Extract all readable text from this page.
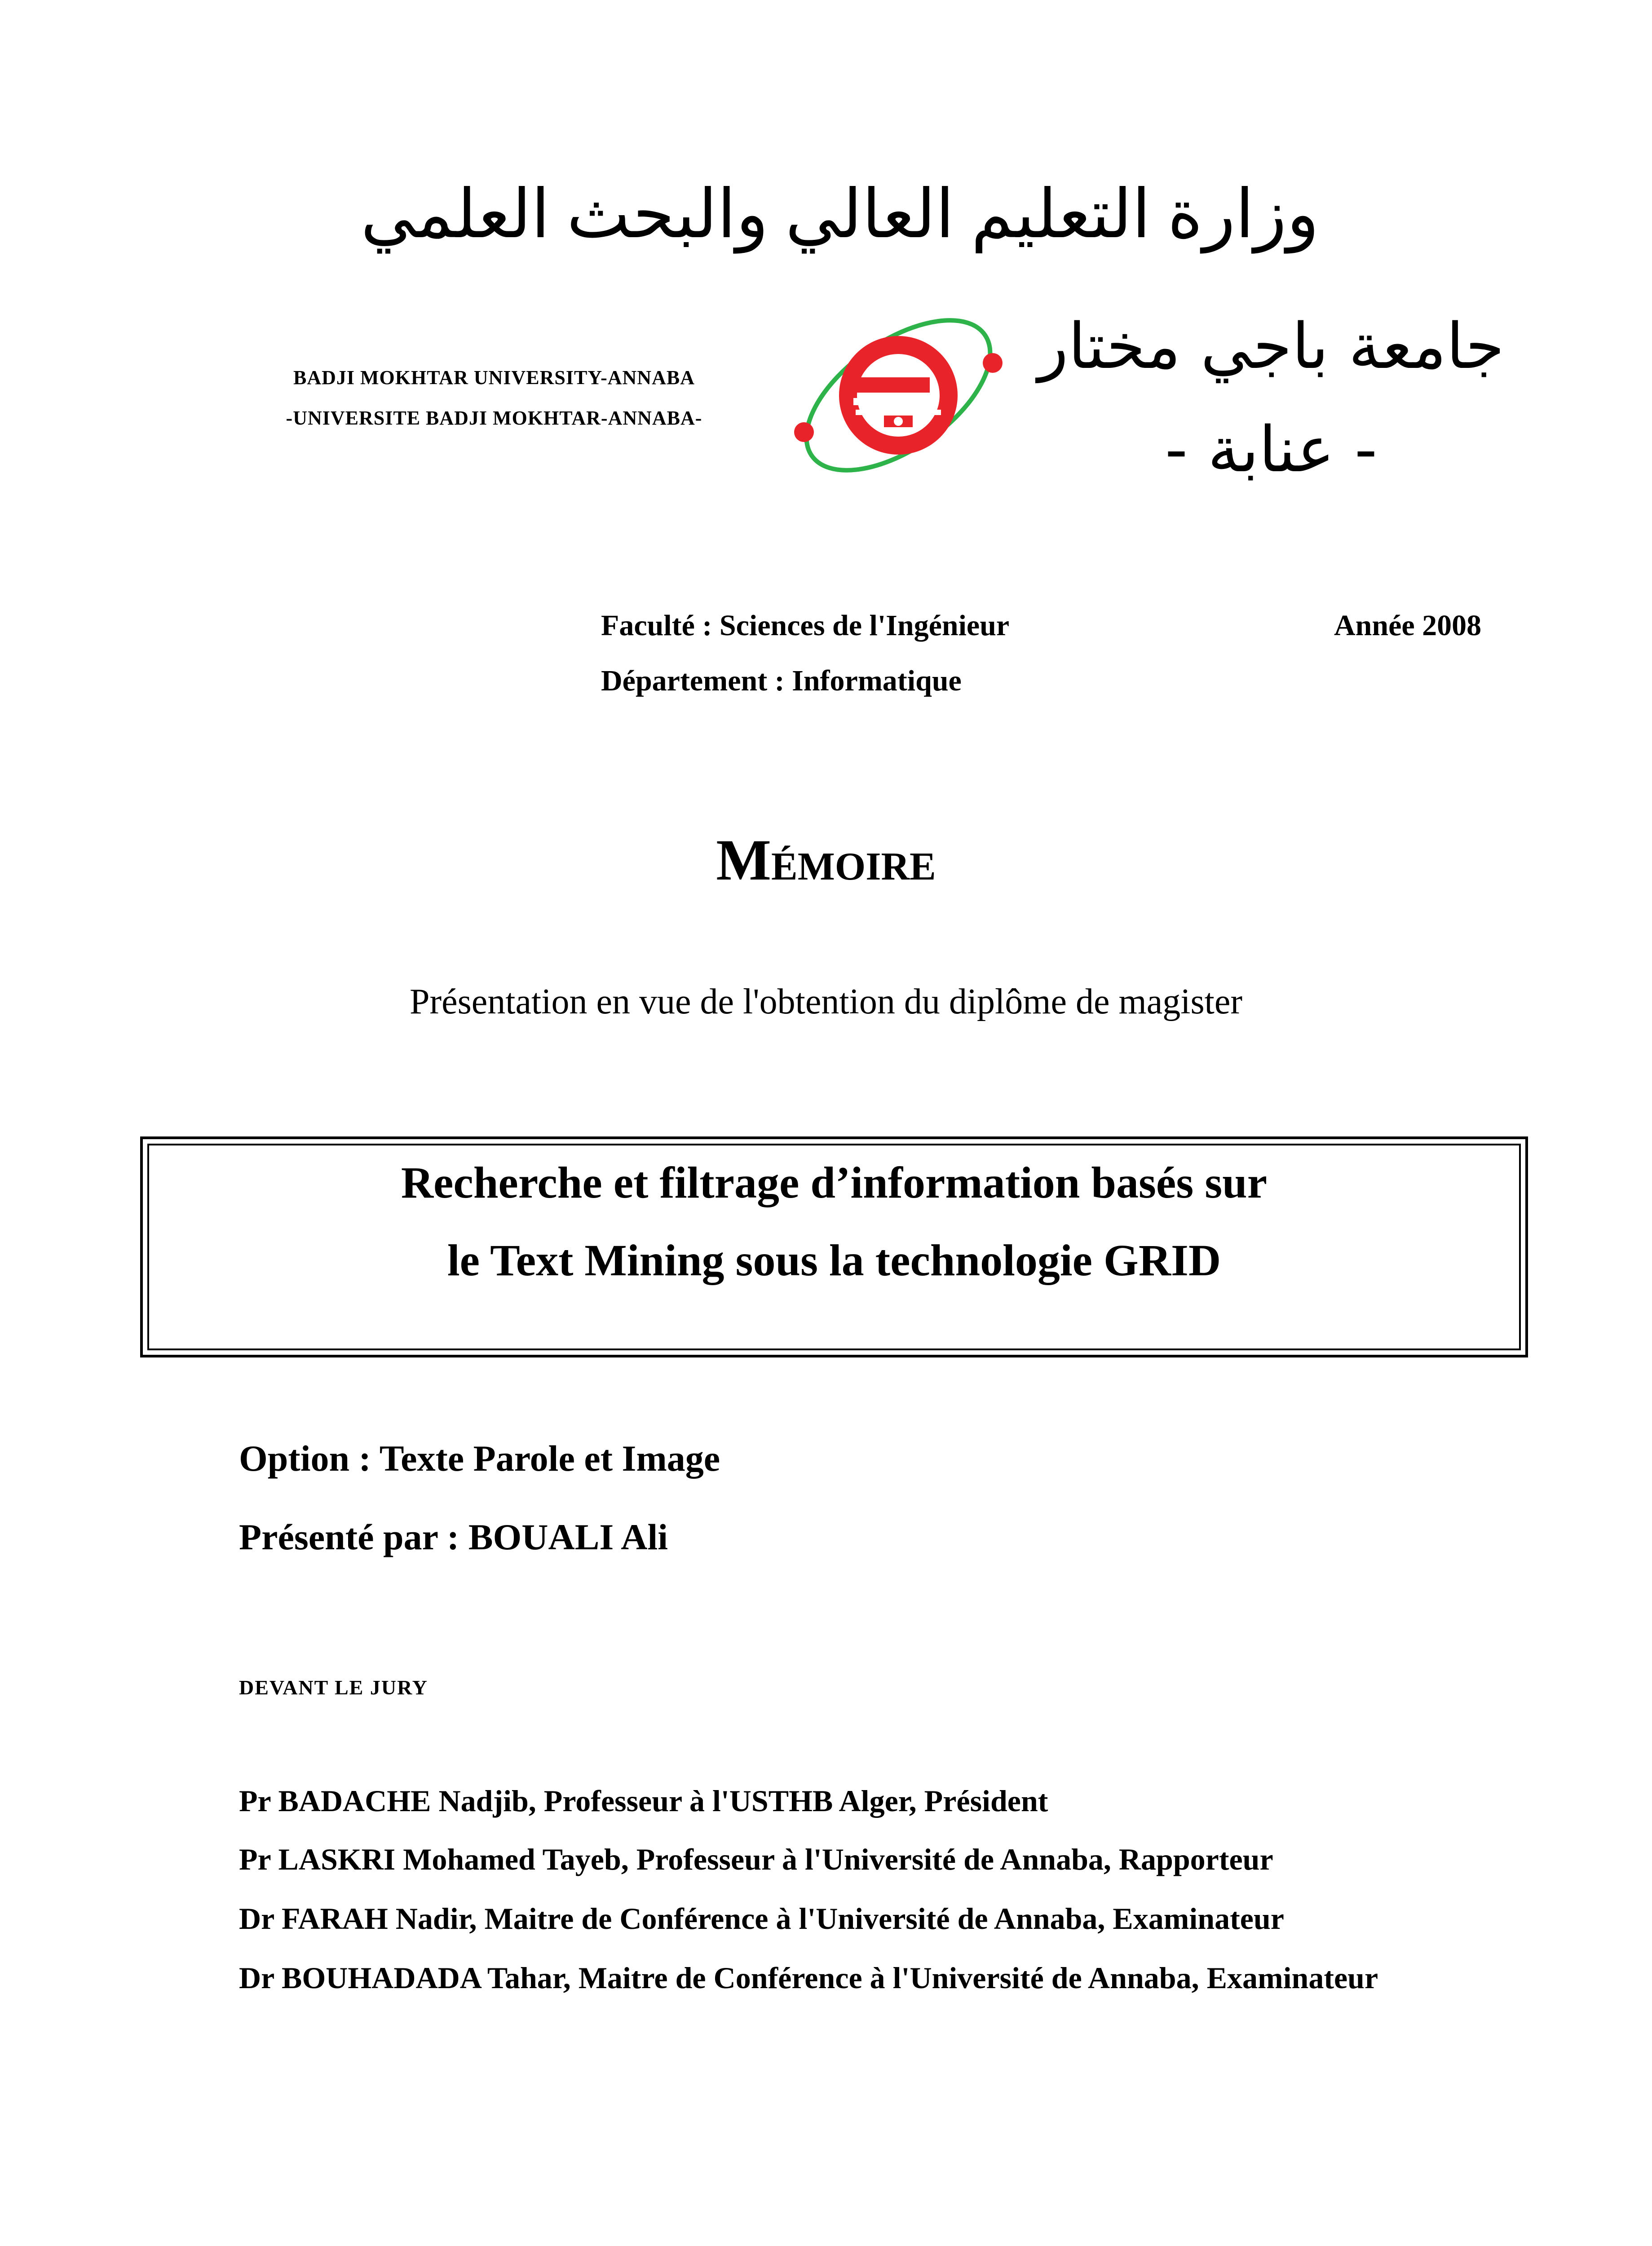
وزارة التعليم العالي والبحث العلمي
BADJI MOKHTAR UNIVERSITY-ANNABA
-UNIVERSITE BADJI MOKHTAR-ANNABA-
جامعة باجي مختار
- عنابة -
Faculté : Sciences de l'Ingénieur	Année 2008
Département : Informatique
MÉMOIRE
Présentation en vue de l'obtention du diplôme de magister
Recherche et filtrage d’information basés sur
le Text Mining sous la technologie GRID
Option : Texte Parole et Image
Présenté par : BOUALI Ali
DEVANT LE JURY
Pr BADACHE Nadjib, Professeur à l'USTHB Alger, Président
Pr LASKRI Mohamed Tayeb, Professeur à l'Université de Annaba, Rapporteur
Dr FARAH Nadir, Maitre de Conférence à l'Université de Annaba, Examinateur
Dr BOUHADADA Tahar, Maitre de Conférence à l'Université de Annaba, Examinateur
